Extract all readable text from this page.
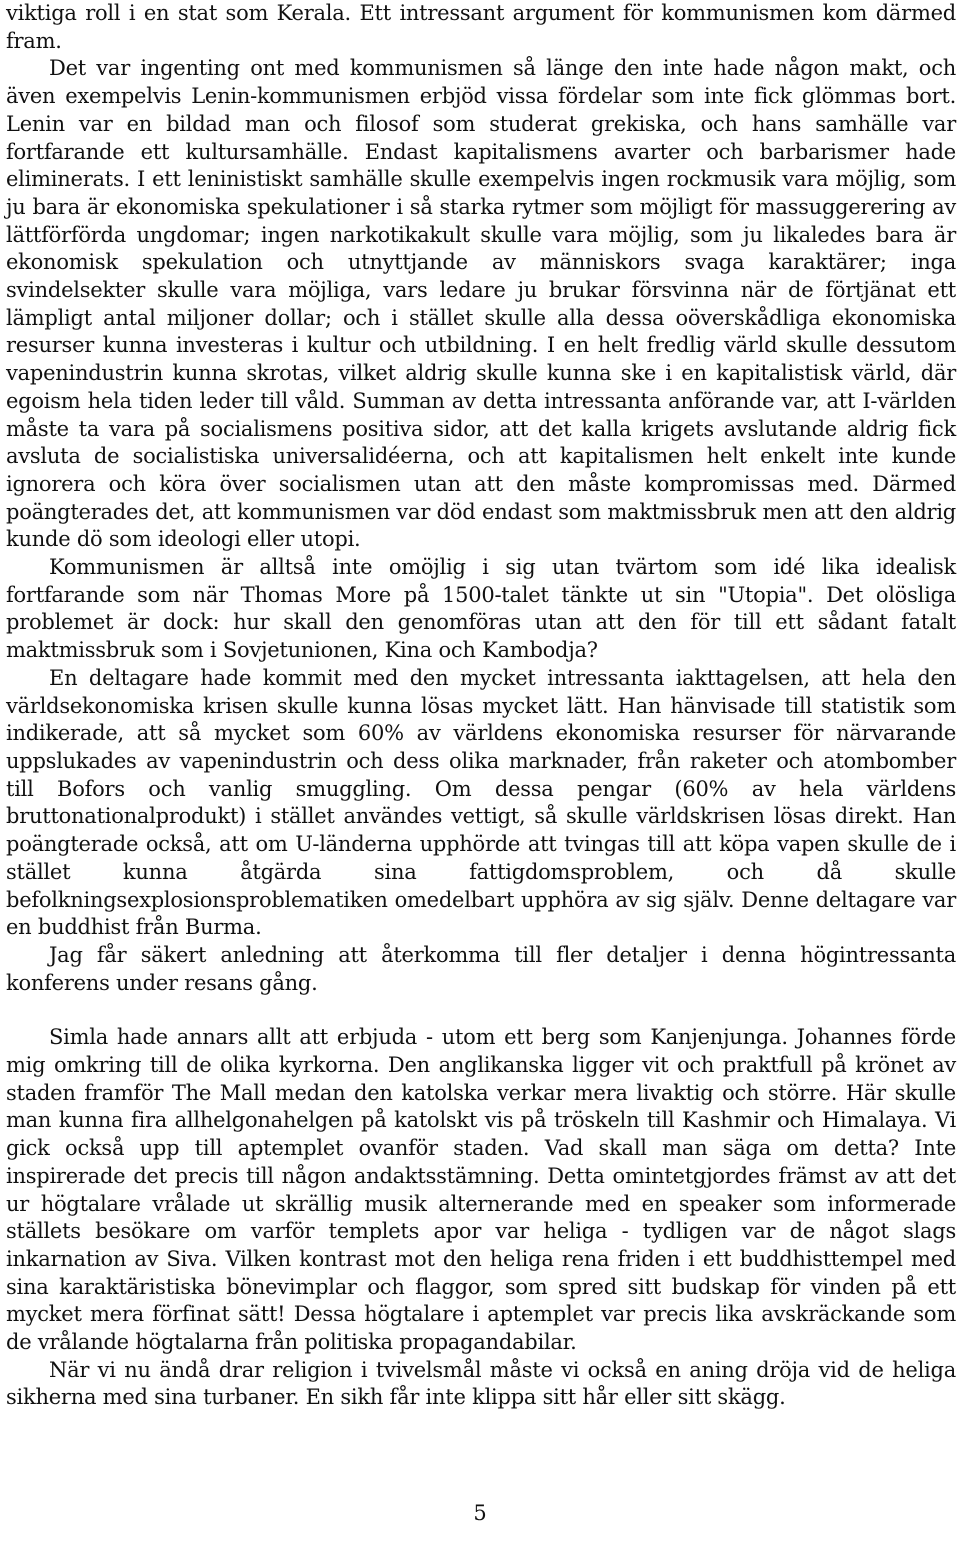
viktiga roll i en stat som Kerala. Ett intressant argument för kommunismen kom därmed fram.

Det var ingenting ont med kommunismen så länge den inte hade någon makt, och även exempelvis Lenin-kommunismen erbjöd vissa fördelar som inte fick glömmas bort. Lenin var en bildad man och filosof som studerat grekiska, och hans samhälle var fortfarande ett kultursamhälle. Endast kapitalismens avarter och barbarismer hade eliminerats. I ett leninistiskt samhälle skulle exempelvis ingen rockmusik vara möjlig, som ju bara är ekonomiska spekulationer i så starka rytmer som möjligt för massuggerering av lättförförda ungdomar; ingen narkotikakult skulle vara möjlig, som ju likaledes bara är ekonomisk spekulation och utnyttjande av människors svaga karaktärer; inga svindelsekter skulle vara möjliga, vars ledare ju brukar försvinna när de förtjänat ett lämpligt antal miljoner dollar; och i stället skulle alla dessa oöverskådliga ekonomiska resurser kunna investeras i kultur och utbildning. I en helt fredlig värld skulle dessutom vapenindustrin kunna skrotas, vilket aldrig skulle kunna ske i en kapitalistisk värld, där egoism hela tiden leder till våld. Summan av detta intressanta anförande var, att I-världen måste ta vara på socialismens positiva sidor, att det kalla krigets avslutande aldrig fick avsluta de socialistiska universalidéerna, och att kapitalismen helt enkelt inte kunde ignorera och köra över socialismen utan att den måste kompromissas med. Därmed poängterades det, att kommunismen var död endast som maktmissbruk men att den aldrig kunde dö som ideologi eller utopi.

Kommunismen är alltså inte omöjlig i sig utan tvärtom som idé lika idealisk fortfarande som när Thomas More på 1500-talet tänkte ut sin "Utopia". Det olösliga problemet är dock: hur skall den genomföras utan att den för till ett sådant fatalt maktmissbruk som i Sovjetunionen, Kina och Kambodja?

En deltagare hade kommit med den mycket intressanta iakttagelsen, att hela den världsekonomiska krisen skulle kunna lösas mycket lätt. Han hänvisade till statistik som indikerade, att så mycket som 60% av världens ekonomiska resurser för närvarande uppslukades av vapenindustrin och dess olika marknader, från raketer och atombomber till Bofors och vanlig smuggling. Om dessa pengar (60% av hela världens bruttonationalprodukt) i stället användes vettigt, så skulle världskrisen lösas direkt. Han poängterade också, att om U-länderna upphörde att tvingas till att köpa vapen skulle de i stället kunna åtgärda sina fattigdomsproblem, och då skulle befolkningsexplosionsproblematiken omedelbart upphöra av sig själv. Denne deltagare var en buddhist från Burma.

Jag får säkert anledning att återkomma till fler detaljer i denna högintressanta konferens under resans gång.

Simla hade annars allt att erbjuda - utom ett berg som Kanjenjunga. Johannes förde mig omkring till de olika kyrkorna. Den anglikanska ligger vit och praktfull på krönet av staden framför The Mall medan den katolska verkar mera livaktig och större. Här skulle man kunna fira allhelgonahelgen på katolskt vis på tröskeln till Kashmir och Himalaya. Vi gick också upp till aptemplet ovanför staden. Vad skall man säga om detta? Inte inspirerade det precis till någon andaktsstämning. Detta omintetgjordes främst av att det ur högtalare vrålade ut skrällig musik alternerande med en speaker som informerade ställets besökare om varför templets apor var heliga - tydligen var de något slags inkarnation av Siva. Vilken kontrast mot den heliga rena friden i ett buddhisttempel med sina karaktäristiska bönevimplar och flaggor, som spred sitt budskap för vinden på ett mycket mera förfinat sätt! Dessa högtalare i aptemplet var precis lika avskräckande som de vrålande högtalarna från politiska propagandabilar.

När vi nu ändå drar religion i tvivelsmål måste vi också en aning dröja vid de heliga sikherna med sina turbaner. En sikh får inte klippa sitt hår eller sitt skägg.

5
